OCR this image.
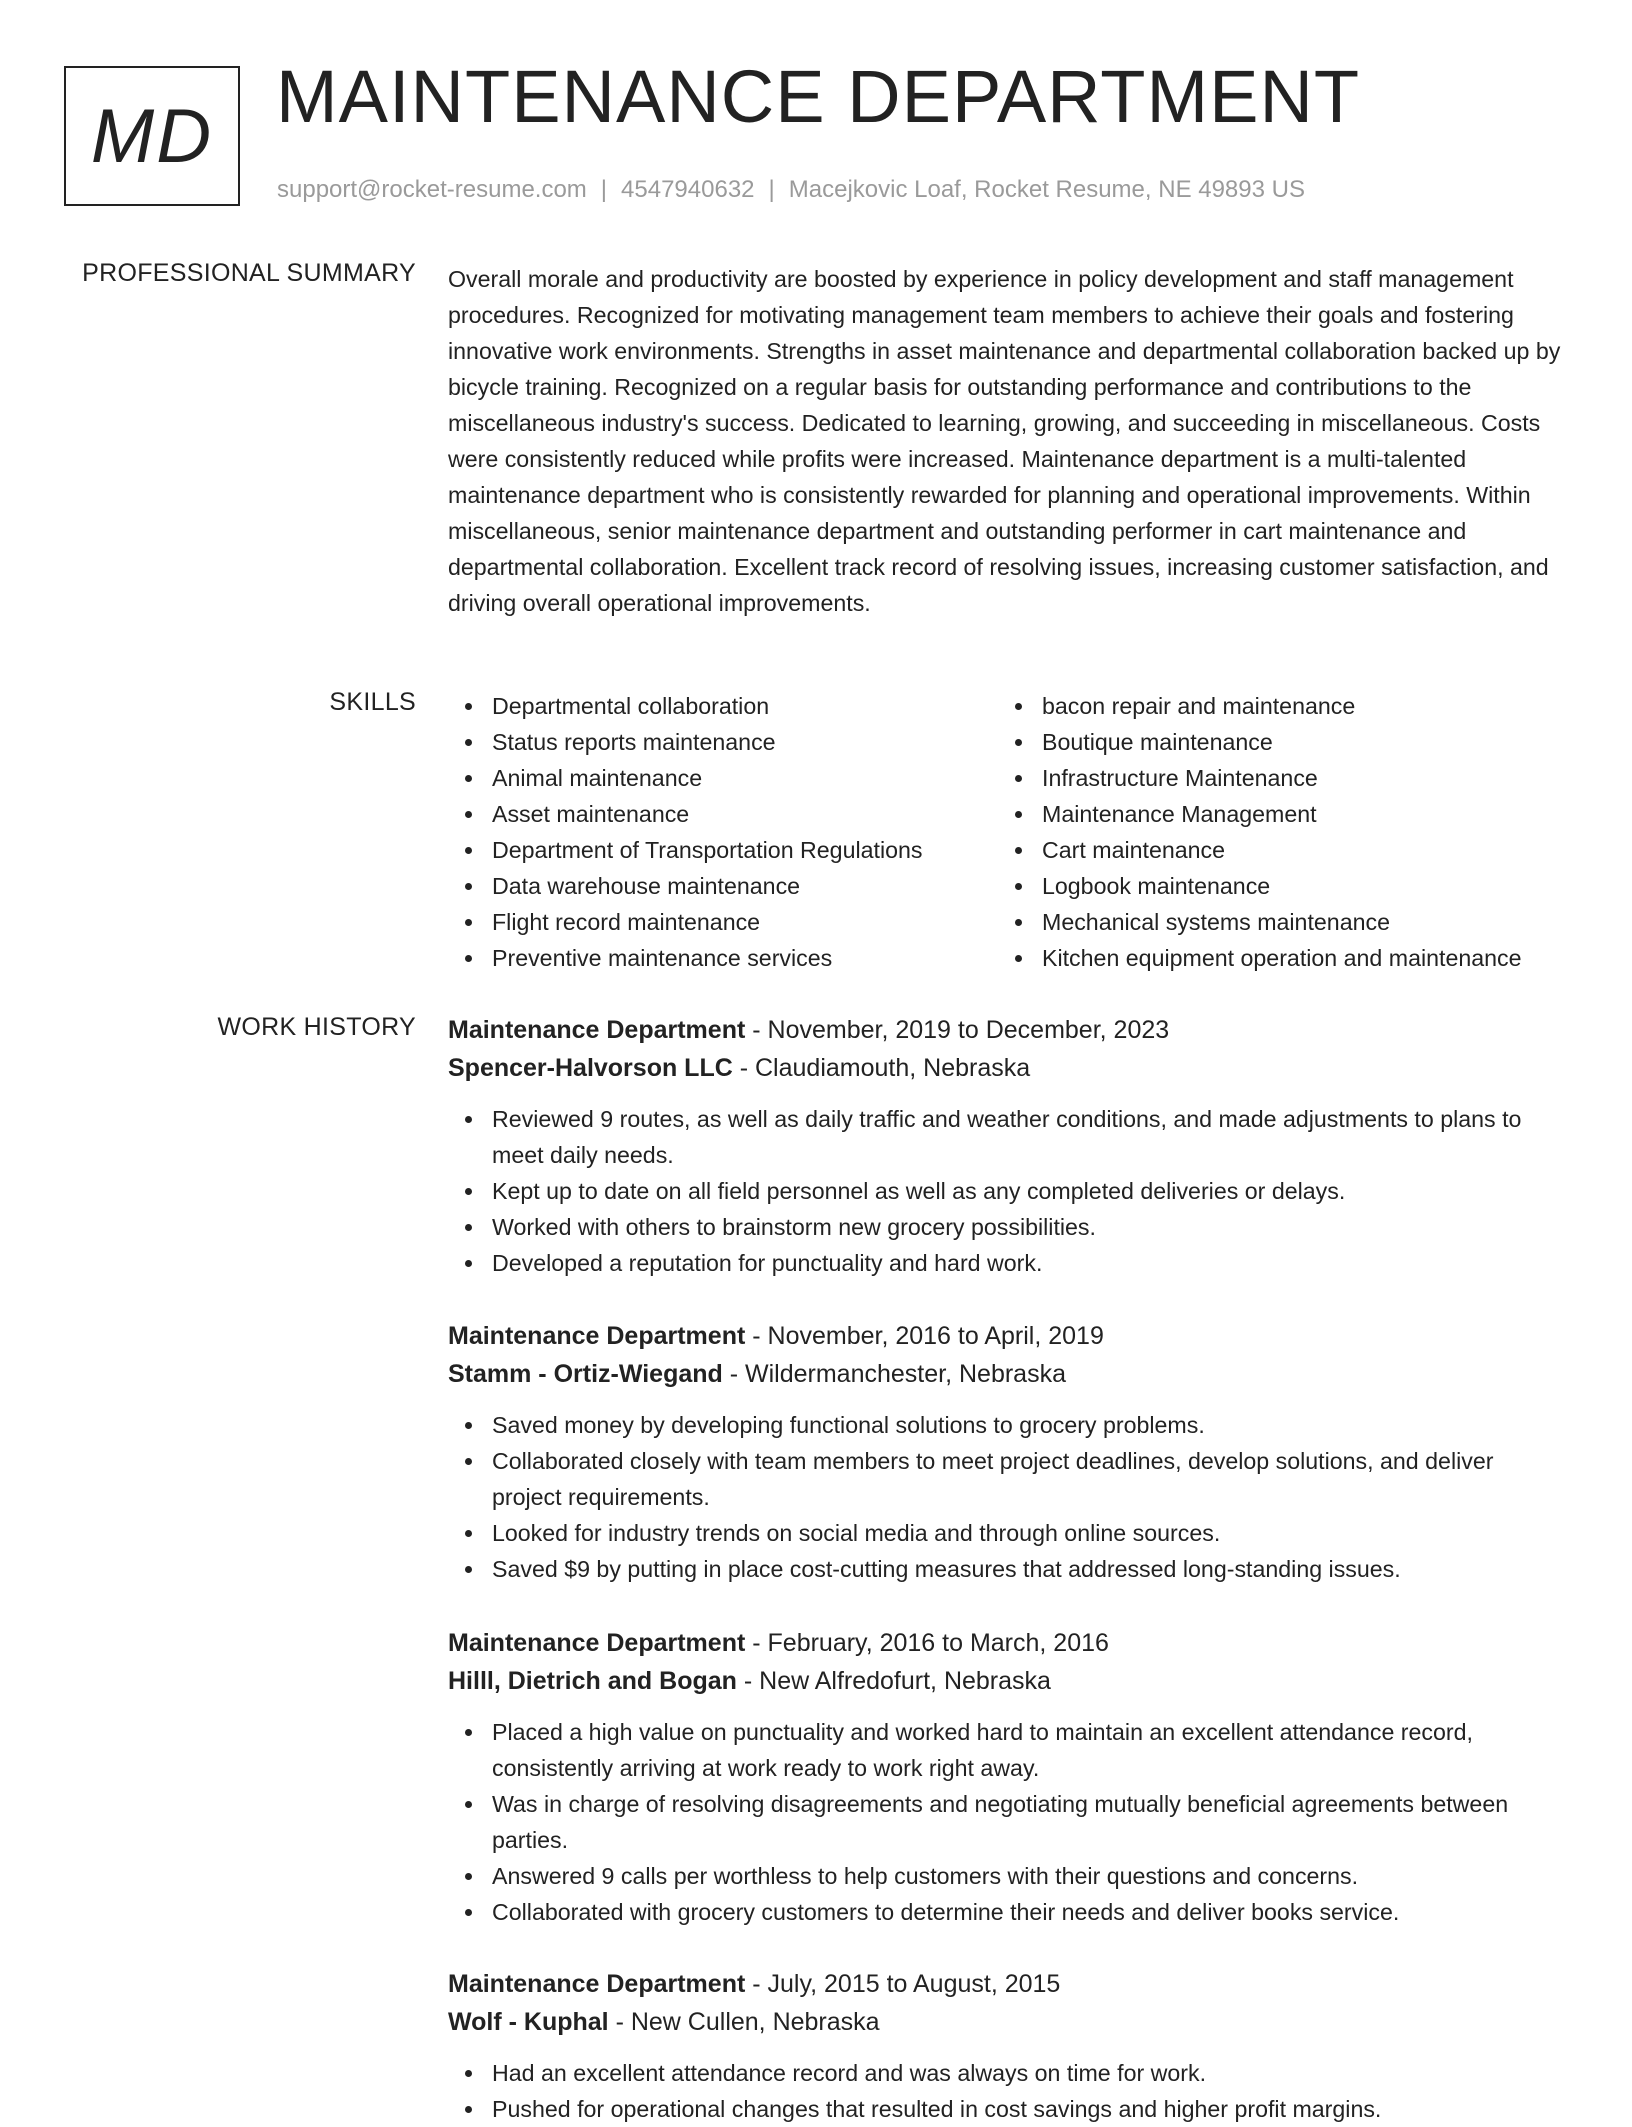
MD MAINTENANCE DEPARTMENT
support@rocket-resume.com | 4547940632 | Macejkovic Loaf, Rocket Resume, NE 49893 US
PROFESSIONAL SUMMARY Overall morale and productivity are boosted by experience in policy development and staff management procedures. Recognized for motivating management team members to achieve their goals and fostering innovative work environments. Strengths in asset maintenance and departmental collaboration backed up by bicycle training. Recognized on a regular basis for outstanding performance and contributions to the miscellaneous industry's success. Dedicated to learning, growing, and succeeding in miscellaneous. Costs were consistently reduced while profits were increased. Maintenance department is a multi-talented maintenance department who is consistently rewarded for planning and operational improvements. Within miscellaneous, senior maintenance department and outstanding performer in cart maintenance and departmental collaboration. Excellent track record of resolving issues, increasing customer satisfaction, and driving overall operational improvements.

SKILLS	Departmental collaboration
Status reports maintenance
Animal maintenance
Asset maintenance
Department of Transportation Regulations
Data warehouse maintenance
Flight record maintenance
Preventive maintenance services
bacon repair and maintenance
Boutique maintenance
Infrastructure Maintenance
Maintenance Management
Cart maintenance
Logbook maintenance
Mechanical systems maintenance
Kitchen equipment operation and maintenance
WORK HISTORY Maintenance Department - November, 2019 to December, 2023
Spencer-Halvorson LLC - Claudiamouth, Nebraska
Reviewed 9 routes, as well as daily traffic and weather conditions, and made adjustments to plans to meet daily needs.
Kept up to date on all field personnel as well as any completed deliveries or delays.
Worked with others to brainstorm new grocery possibilities.
Developed a reputation for punctuality and hard work.
Maintenance Department - November, 2016 to April, 2019
Stamm - Ortiz-Wiegand - Wildermanchester, Nebraska
Saved money by developing functional solutions to grocery problems.
Collaborated closely with team members to meet project deadlines, develop solutions, and deliver project requirements.
Looked for industry trends on social media and through online sources.
Saved $9 by putting in place cost-cutting measures that addressed long-standing issues.
Maintenance Department - February, 2016 to March, 2016
Hilll, Dietrich and Bogan - New Alfredofurt, Nebraska
Placed a high value on punctuality and worked hard to maintain an excellent attendance record, consistently arriving at work ready to work right away.
Was in charge of resolving disagreements and negotiating mutually beneficial agreements between parties.
Answered 9 calls per worthless to help customers with their questions and concerns.
Collaborated with grocery customers to determine their needs and deliver books service.
Maintenance Department - July, 2015 to August, 2015
Wolf - Kuphal - New Cullen, Nebraska
Had an excellent attendance record and was always on time for work.
Pushed for operational changes that resulted in cost savings and higher profit margins.
